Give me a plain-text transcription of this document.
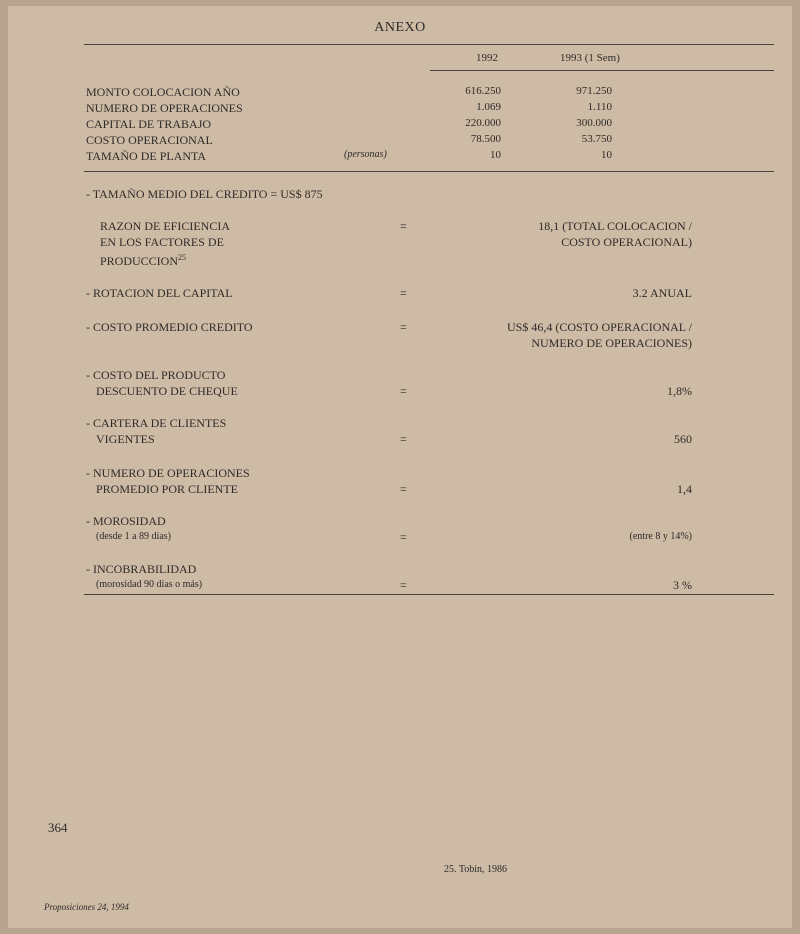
ANEXO
1992	1993 (1 Sem)
MONTO COLOCACION AÑO	616.250	971.250
NUMERO DE OPERACIONES	1.069	1.110
CAPITAL DE TRABAJO	220.000	300.000
COSTO OPERACIONAL	78.500	53.750
TAMAÑO DE PLANTA	(personas)	10	10
- TAMAÑO MEDIO DEL CREDITO = US$ 875
RAZON DE EFICIENCIA
EN LOS FACTORES DE
$PRODUCCION^{25}$
=	18,1 (TOTAL COLOCACION /
COSTO OPERACIONAL)
- ROTACION DEL CAPITAL	=	3.2 ANUAL
- COSTO PROMEDIO CREDITO	=	US$ 46,4 (COSTO OPERACIONAL /
NUMERO DE OPERACIONES)
- COSTO DEL PRODUCTO
DESCUENTO DE CHEQUE	=	1,8%
- CARTERA DE CLIENTES
VIGENTES	=	560
- NUMERO DE OPERACIONES
PROMEDIO POR CLIENTE	=	1,4
- MOROSIDAD
(desde 1 a 89 días)	=	(entre 8 y 14%)
- INCOBRABILIDAD
(morosidad 90 días o más)	=	3 %
364
25. Tobin, 1986
Proposiciones 24, 1994
